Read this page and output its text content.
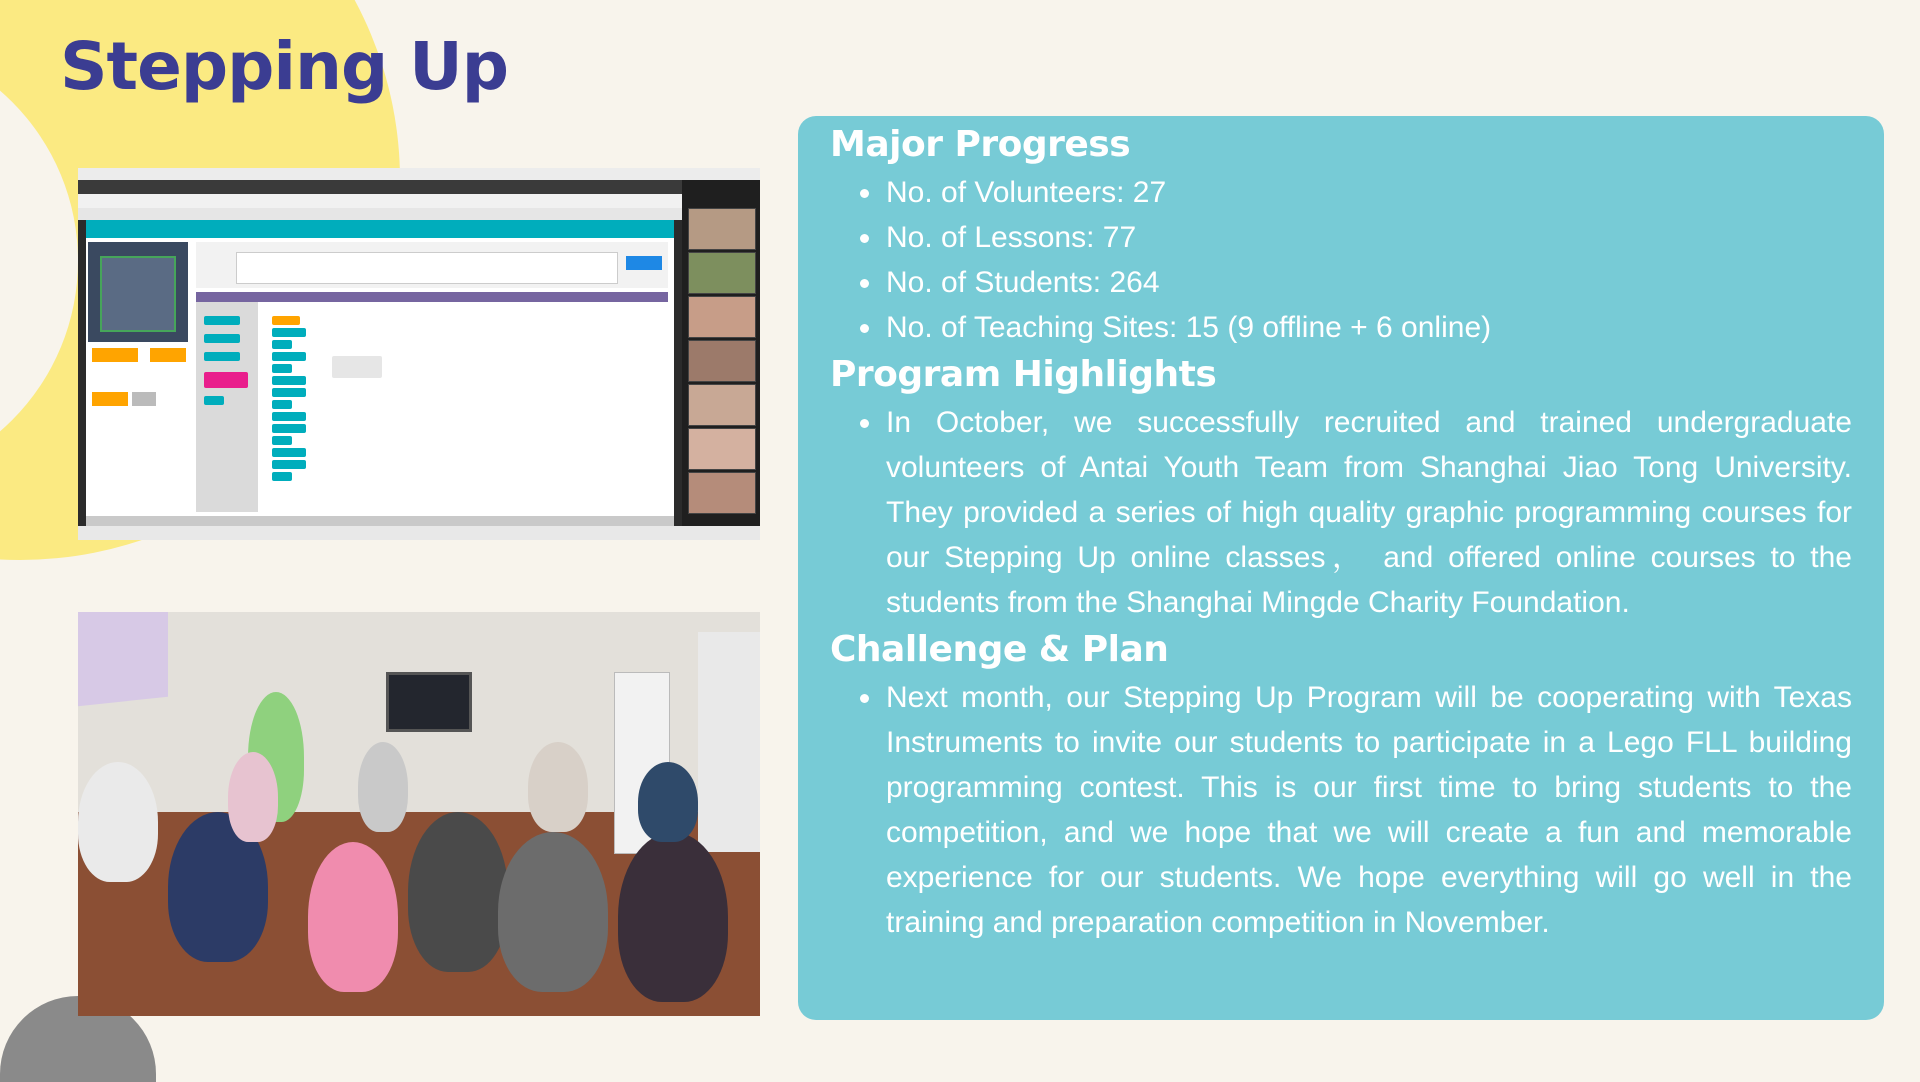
Stepping Up
Major Progress
No. of Volunteers: 27
No. of Lessons: 77
No. of Students: 264
No. of Teaching Sites: 15 (9 offline + 6 online)
Program Highlights
In October, we successfully recruited and trained undergraduate volunteers of Antai Youth Team from Shanghai Jiao Tong University. They provided a series of high quality graphic programming courses for our Stepping Up online classes， and offered online courses to the students from the Shanghai Mingde Charity Foundation.
Challenge & Plan
Next month, our Stepping Up Program will be cooperating with Texas Instruments to invite our students to participate in a Lego FLL building programming contest. This is our first time to bring students to the competition, and we hope that we will create a fun and memorable experience for our students. We hope everything will go well in the training and preparation competition in November.
